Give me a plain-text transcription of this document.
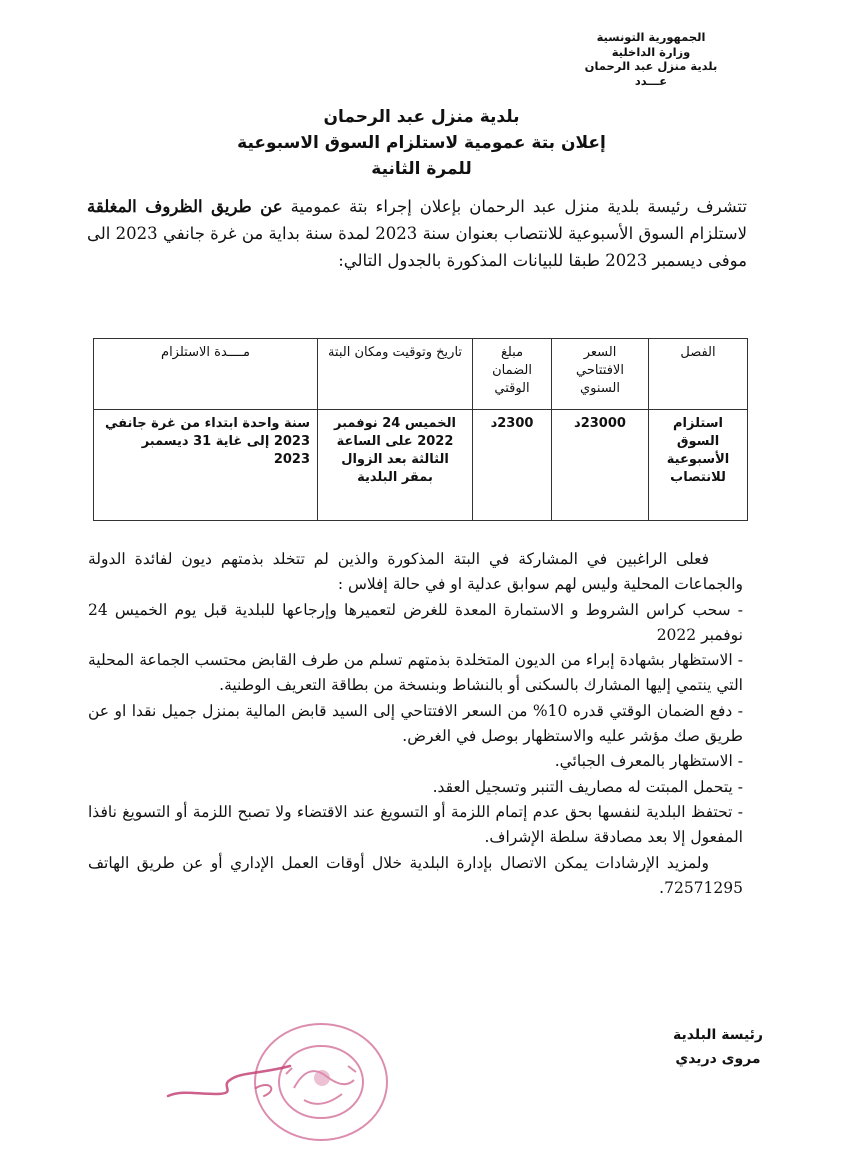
الجمهورية التونسية
وزارة الداخلية
بلدية منزل عبد الرحمان
عـــدد
بلدية منزل عبد الرحمان
إعلان بتة عمومية لاستلزام السوق الاسبوعية
للمرة الثانية
تتشرف رئيسة بلدية منزل عبد الرحمان بإعلان إجراء بتة عمومية عن طريق الظروف المغلقة لاستلزام السوق الأسبوعية للانتصاب بعنوان سنة 2023 لمدة سنة بداية من غرة جانفي 2023 الى موفى ديسمبر 2023 طبقا للبيانات المذكورة بالجدول التالي:
الفصل	السعر الافتتاحي السنوي	مبلغ الضمان الوقتي	تاريخ وتوقيت ومكان البتة	مــــدة الاستلزام
استلزام السوق الأسبوعية للانتصاب	23000د	2300د	الخميس 24 نوفمبر 2022 على الساعة الثالثة بعد الزوال بمقر البلدية	سنة واحدة ابتداء من غرة جانفي 2023 إلى غاية 31 ديسمبر 2023

فعلى الراغبين في المشاركة في البتة المذكورة والذين لم تتخلد بذمتهم ديون لفائدة الدولة والجماعات المحلية وليس لهم سوابق عدلية او في حالة إفلاس :

- سحب كراس الشروط و الاستمارة المعدة للغرض لتعميرها وإرجاعها للبلدية قبل يوم الخميس 24 نوفمبر 2022

- الاستظهار بشهادة إبراء من الديون المتخلدة بذمتهم تسلم من طرف القابض محتسب الجماعة المحلية التي ينتمي إليها المشارك بالسكنى أو بالنشاط وبنسخة من بطاقة التعريف الوطنية.

- دفع الضمان الوقتي قدره 10% من السعر الافتتاحي إلى السيد قابض المالية بمنزل جميل نقدا او عن طريق صك مؤشر عليه والاستظهار بوصل في الغرض.

- الاستظهار بالمعرف الجبائي.

- يتحمل المبتت له مصاريف التنبر وتسجيل العقد.

- تحتفظ البلدية لنفسها بحق عدم إتمام اللزمة أو التسويغ عند الاقتضاء ولا تصبح اللزمة أو التسويغ نافذا المفعول إلا بعد مصادقة سلطة الإشراف.

ولمزيد الإرشادات يمكن الاتصال بإدارة البلدية خلال أوقات العمل الإداري أو عن طريق الهاتف 72571295.

رئيسة البلدية
مروى دريدي
